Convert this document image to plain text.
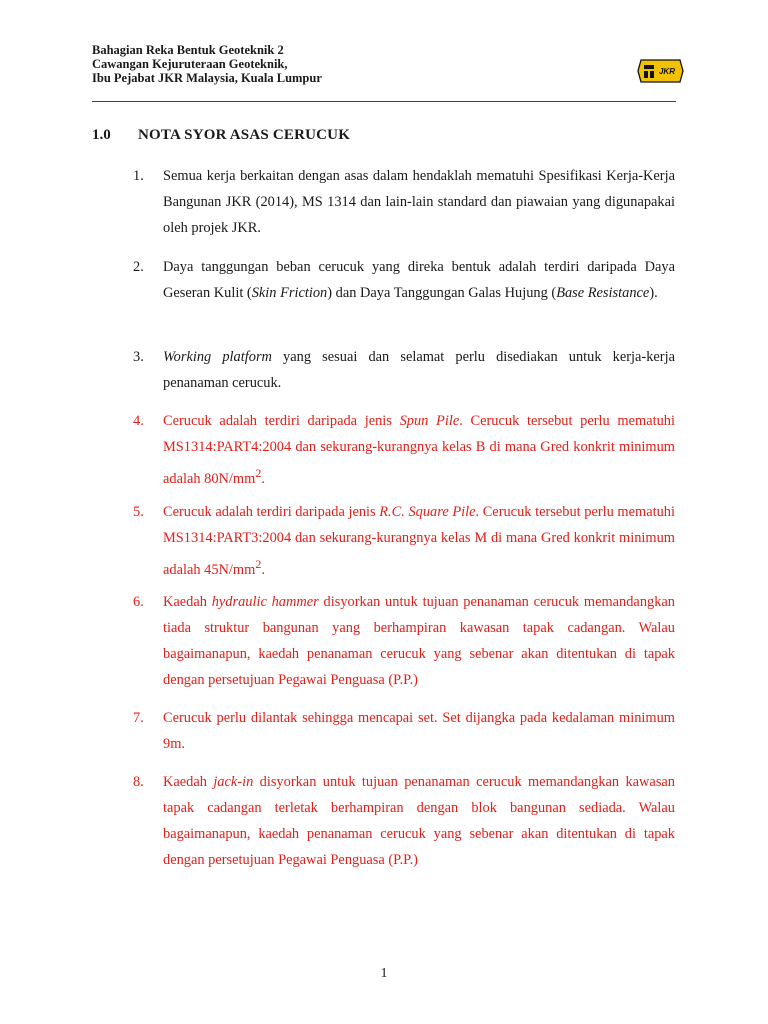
Bahagian Reka Bentuk Geoteknik 2
Cawangan Kejuruteraan Geoteknik,
Ibu Pejabat JKR Malaysia, Kuala Lumpur	JKR
1.0 NOTA SYOR ASAS CERUCUK
1. Semua kerja berkaitan dengan asas dalam hendaklah mematuhi Spesifikasi Kerja-Kerja Bangunan JKR (2014), MS 1314 dan lain-lain standard dan piawaian yang digunapakai oleh projek JKR.
2. Daya tanggungan beban cerucuk yang direka bentuk adalah terdiri daripada Daya Geseran Kulit (Skin Friction) dan Daya Tanggungan Galas Hujung (Base Resistance).
3. Working platform yang sesuai dan selamat perlu disediakan untuk kerja-kerja penanaman cerucuk.
4. Cerucuk adalah terdiri daripada jenis Spun Pile. Cerucuk tersebut perlu mematuhi MS1314:PART4:2004 dan sekurang-kurangnya kelas B di mana Gred konkrit minimum adalah $80N/mm^2$.
5. Cerucuk adalah terdiri daripada jenis R.C. Square Pile. Cerucuk tersebut perlu mematuhi MS1314:PART3:2004 dan sekurang-kurangnya kelas M di mana Gred konkrit minimum adalah $45N/mm^2$.
6. Kaedah hydraulic hammer disyorkan untuk tujuan penanaman cerucuk memandangkan tiada struktur bangunan yang berhampiran kawasan tapak cadangan. Walau bagaimanapun, kaedah penanaman cerucuk yang sebenar akan ditentukan di tapak dengan persetujuan Pegawai Penguasa (P.P.)
7. Cerucuk perlu dilantak sehingga mencapai set. Set dijangka pada kedalaman minimum 9m.
8. Kaedah jack-in disyorkan untuk tujuan penanaman cerucuk memandangkan kawasan tapak cadangan terletak berhampiran dengan blok bangunan sediada. Walau bagaimanapun, kaedah penanaman cerucuk yang sebenar akan ditentukan di tapak dengan persetujuan Pegawai Penguasa (P.P.)
1
